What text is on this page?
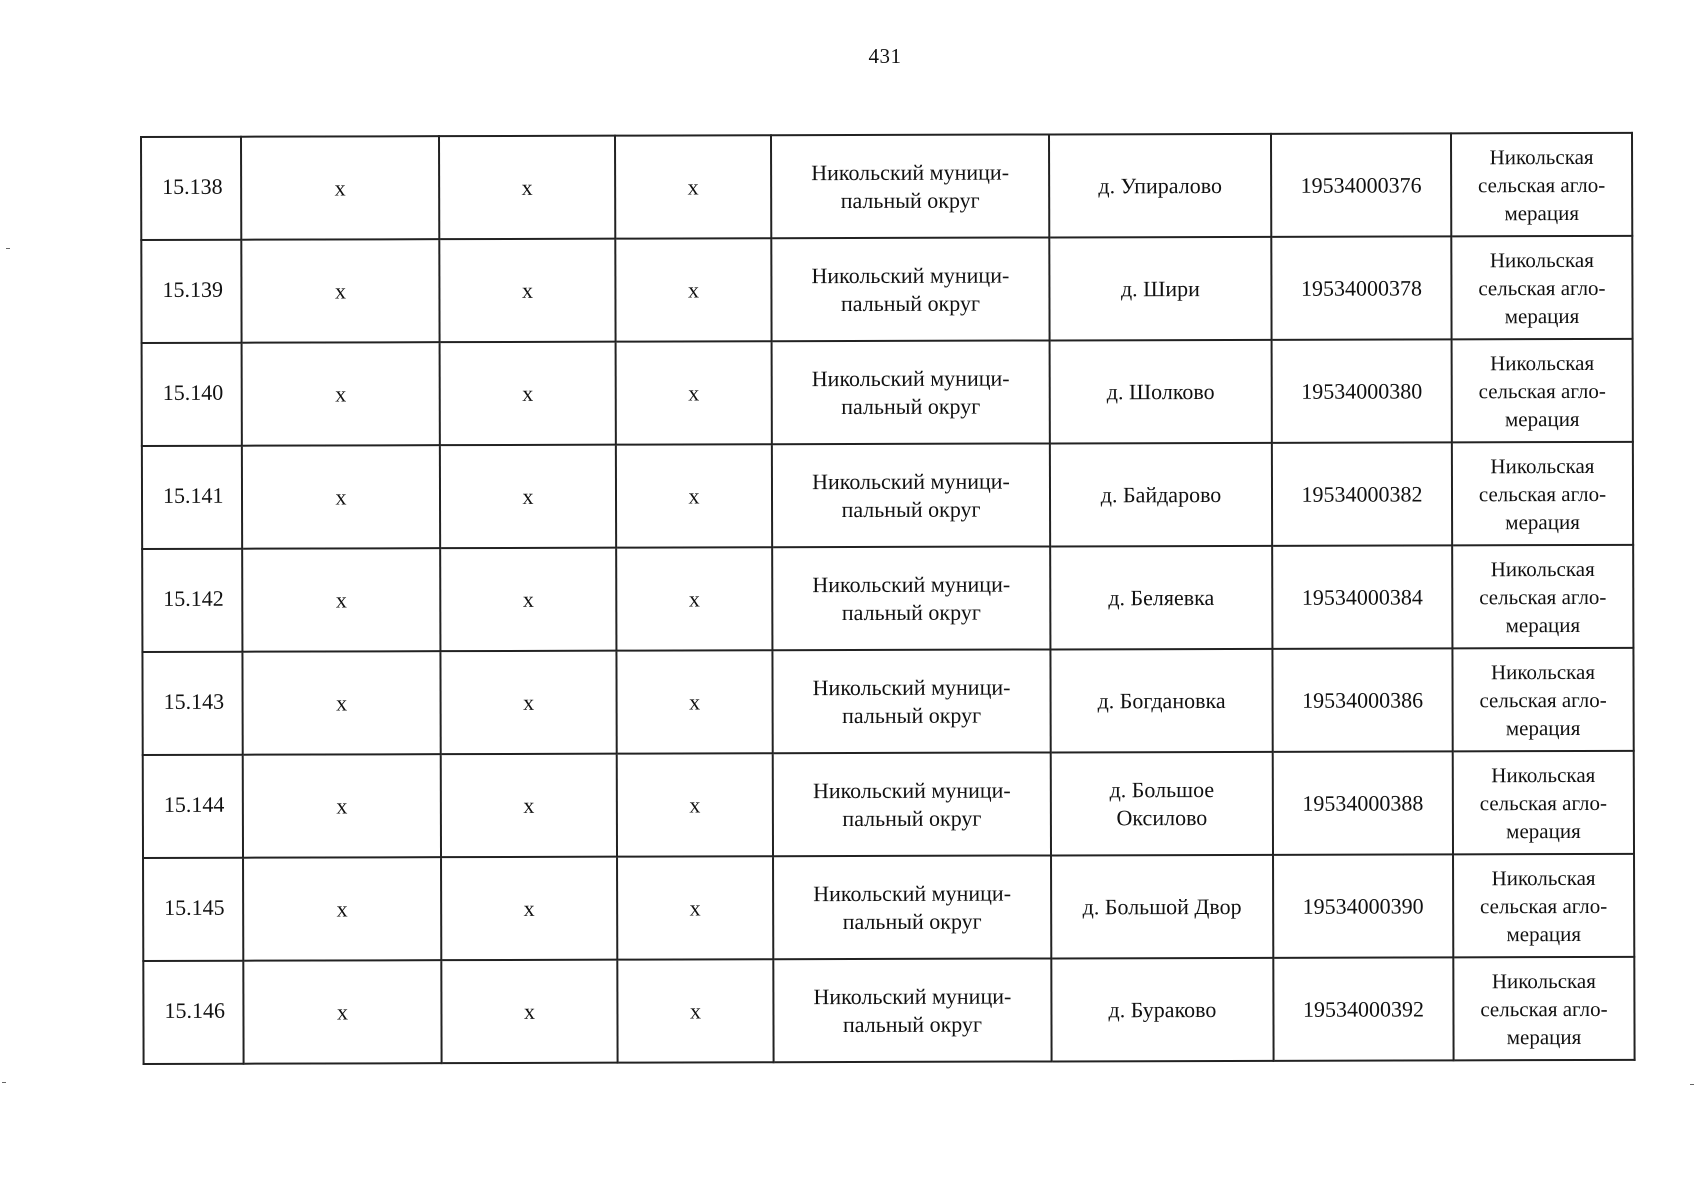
431
15.138	х	х	х	Никольский муници-
пальный округ	д. Упиралово	19534000376	Никольская
сельская агло-
мерация

15.139	х	х	х	Никольский муници-
пальный округ	д. Шири	19534000378	Никольская
сельская агло-
мерация

15.140	х	х	х	Никольский муници-
пальный округ	д. Шолково	19534000380	Никольская
сельская агло-
мерация

15.141	х	х	х	Никольский муници-
пальный округ	д. Байдарово	19534000382	Никольская
сельская агло-
мерация

15.142	х	х	х	Никольский муници-
пальный округ	д. Беляевка	19534000384	Никольская
сельская агло-
мерация

15.143	х	х	х	Никольский муници-
пальный округ	д. Богдановка	19534000386	Никольская
сельская агло-
мерация

15.144	х	х	х	Никольский муници-
пальный округ	д. Большое
Оксилово	19534000388	Никольская
сельская агло-
мерация

15.145	х	х	х	Никольский муници-
пальный округ	д. Большой Двор	19534000390	Никольская
сельская агло-
мерация

15.146	х	х	х	Никольский муници-
пальный округ	д. Бураково	19534000392	Никольская
сельская агло-
мерация
